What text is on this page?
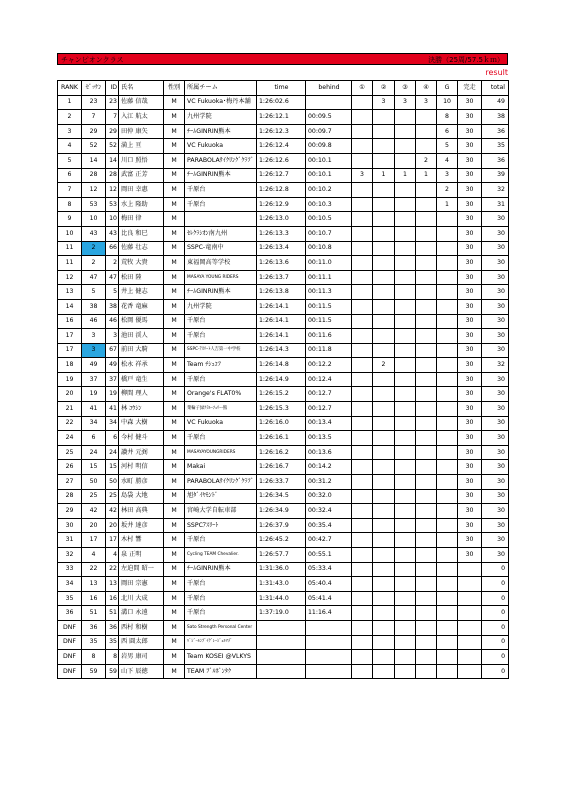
チャンピオンクラス	決勝（25周/57.5ｋｍ）
result
RANK	ｾﾞｯｹﾝ	ID	氏名	性別	所属チーム	time	behind	①	②	③	④	G	完走	total
1	23	23	佐藤 信哉	M	VC Fukuoka･梅丹本舗	1:26:02.6			3	3	3	10	30	49
2	7	7	入江 航太	M	九州学院	1:26:12.1	00:09.5					8	30	38
3	29	29	田仲 康矢	M	ﾁｰﾑGINRIN熊本	1:26:12.3	00:09.7					6	30	36
4	52	52	満上 亘	M	VC Fukuoka	1:26:12.4	00:09.8					5	30	35
5	14	14	川口 照悟	M	PARABOLAｻｲｸﾘﾝｸﾞｸﾗﾌﾞ	1:26:12.6	00:10.1				2	4	30	36
6	28	28	武富 正芳	M	ﾁｰﾑGINRIN熊本	1:26:12.7	00:10.1	3	1	1	1	3	30	39
7	12	12	岡田 幸惠	M	千原台	1:26:12.8	00:10.2					2	30	32
8	53	53	水上 隆助	M	千原台	1:26:12.9	00:10.3					1	30	31
9	10	10	梅田 律	M		1:26:13.0	00:10.5						30	30
10	43	43	比良 和巳	M	ｾﾚｸﾗｼｵﾝ南九州	1:26:13.3	00:10.7						30	30
11	2	66	佐藤 壮志	M	SSPC-竜南中	1:26:13.4	00:10.8						30	30
11	2	2	荒牧 大貴	M	東福岡高等学校	1:26:13.6	00:11.0						30	30
12	47	47	松田 陸	M	MASAYA YOUNG RIDERS	1:26:13.7	00:11.1						30	30
13	5	5	井上 健志	M	ﾁｰﾑGINRIN熊本	1:26:13.8	00:11.3						30	30
14	38	38	花香 竜麻	M	九州学院	1:26:14.1	00:11.5						30	30
16	46	46	松岡 優馬	M	千原台	1:26:14.1	00:11.5						30	30
17	3	3	池田 渓人	M	千原台	1:26:14.1	00:11.6						30	30
17	3	67	前田 大騎	M	SSPC-ｱｽﾘｰﾄ人吉第一中学校	1:26:14.3	00:11.8						30	30
18	49	49	松永 祥承	M	Team ﾁｼｭｺﾌ	1:26:14.8	00:12.2		2				30	32
19	37	37	橋戸 竜生	M	千原台	1:26:14.9	00:12.4						30	30
20	19	19	柳間 理人	M	Orange's FLAT0%	1:26:15.2	00:12.7						30	30
21	41	41	林 ｺｳｼﾝ	M	菜輪子緑ｸﾗﾙｰﾌｭﾘｰ-熊	1:26:15.3	00:12.7						30	30
22	34	34	中森 大樹	M	VC Fukuoka	1:26:16.0	00:13.4						30	30
24	6	6	今村 健斗	M	千原台	1:26:16.1	00:13.5						30	30
25	24	24	讃井 元弼	M	MASAYAYOUNGRIDERS	1:26:16.2	00:13.6						30	30
26	15	15	河村 明信	M	Makai	1:26:16.7	00:14.2						30	30
27	50	50	水町 勝彦	M	PARABOLAｻｲｸﾘﾝｸﾞｸﾗﾌﾞ	1:26:33.7	00:31.2						30	30
28	25	25	島袋 大地	M	旭ﾀﾞｲﾔﾓﾝﾄﾞ	1:26:34.5	00:32.0						30	30
29	42	42	林田 高典	M	宮崎大学自転車部	1:26:34.9	00:32.4						30	30
30	20	20	坂井 達彦	M	SSPCｱｽﾘｰﾄ	1:26:37.9	00:35.4						30	30
31	17	17	木村 響	M	千原台	1:26:45.2	00:42.7						30	30
32	4	4	泉 正明	M	Cycling TEAM Chevalier.	1:26:57.7	00:55.1						30	30
33	22	22	左迫間 昭一	M	ﾁｰﾑGINRIN熊本	1:31:36.0	05:33.4							0
34	13	13	岡田 宗憲	M	千原台	1:31:43.0	05:40.4							0
35	16	16	北川 大成	M	千原台	1:31:44.0	05:41.4							0
36	51	51	溝口 永遠	M	千原台	1:37:19.0	11:16.4							0
DNF	36	36	西村 和樹	M	Sato Strength Personal Center									0
DNF	35	35	西 圓太郎	M	ﾊﾞｼﾞｰﾙﾝﾌﾞｲｸﾞﾚｰｼﾞｪﾙﾏﾒﾞ									0
DNF	8	8	岩男 康司	M	Team KOSEI @VLKYS									0
DNF	59	59	山下 辰徳	M	TEAM ﾌﾞﾙﾎﾞﾝﾀｸ									0
